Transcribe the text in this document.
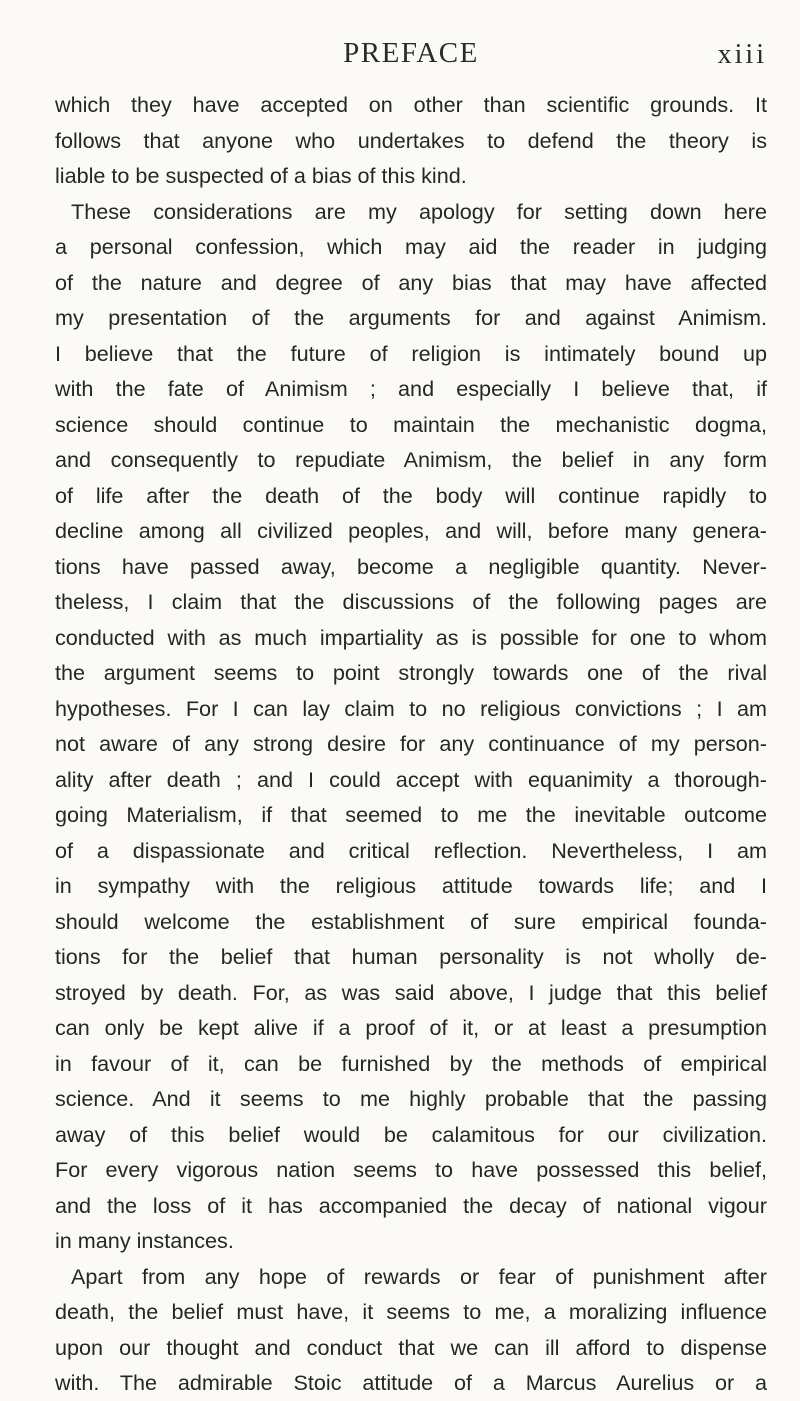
PREFACE	xiii
which they have accepted on other than scientific grounds. It
follows that anyone who undertakes to defend the theory is
liable to be suspected of a bias of this kind.
These considerations are my apology for setting down here
a personal confession, which may aid the reader in judging
of the nature and degree of any bias that may have affected
my presentation of the arguments for and against Animism.
I believe that the future of religion is intimately bound up
with the fate of Animism ; and especially I believe that, if
science should continue to maintain the mechanistic dogma,
and consequently to repudiate Animism, the belief in any form
of life after the death of the body will continue rapidly to
decline among all civilized peoples, and will, before many genera-
tions have passed away, become a negligible quantity. Never-
theless, I claim that the discussions of the following pages are
conducted with as much impartiality as is possible for one to whom
the argument seems to point strongly towards one of the rival
hypotheses. For I can lay claim to no religious convictions ; I am
not aware of any strong desire for any continuance of my person-
ality after death ; and I could accept with equanimity a thorough-
going Materialism, if that seemed to me the inevitable outcome
of a dispassionate and critical reflection. Nevertheless, I am
in sympathy with the religious attitude towards life; and I
should welcome the establishment of sure empirical founda-
tions for the belief that human personality is not wholly de-
stroyed by death. For, as was said above, I judge that this belief
can only be kept alive if a proof of it, or at least a presumption
in favour of it, can be furnished by the methods of empirical
science. And it seems to me highly probable that the passing
away of this belief would be calamitous for our civilization.
For every vigorous nation seems to have possessed this belief,
and the loss of it has accompanied the decay of national vigour
in many instances.
Apart from any hope of rewards or fear of punishment after
death, the belief must have, it seems to me, a moralizing influence
upon our thought and conduct that we can ill afford to dispense
with. The admirable Stoic attitude of a Marcus Aurelius or a
